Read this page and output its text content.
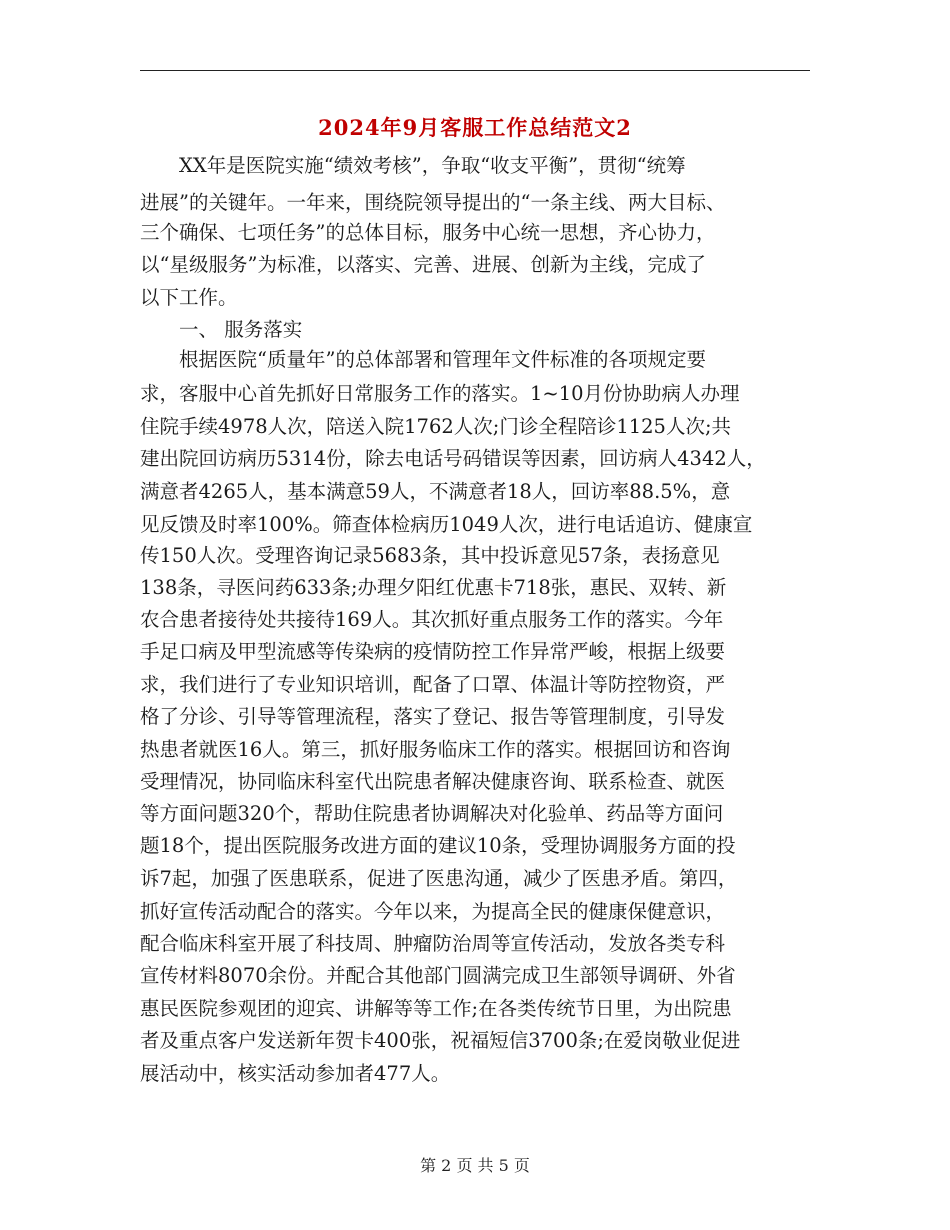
2024年9月客服工作总结范文2
　　XX年是医院实施“绩效考核”，争取“收支平衡”，贯彻“统筹
进展”的关键年。一年来，围绕院领导提出的“一条主线、两大目标、
三个确保、七项任务”的总体目标，服务中心统一思想，齐心协力，
以“星级服务”为标准，以落实、完善、进展、创新为主线，完成了
以下工作。
　　一、 服务落实
　　根据医院“质量年”的总体部署和管理年文件标准的各项规定要
求，客服中心首先抓好日常服务工作的落实。1~10月份协助病人办理
住院手续4978人次，陪送入院1762人次;门诊全程陪诊1125人次;共
建出院回访病历5314份，除去电话号码错误等因素，回访病人4342人，
满意者4265人，基本满意59人，不满意者18人，回访率88.5%，意
见反馈及时率100%。筛查体检病历1049人次，进行电话追访、健康宣
传150人次。受理咨询记录5683条，其中投诉意见57条，表扬意见
138条，寻医问药633条;办理夕阳红优惠卡718张，惠民、双转、新
农合患者接待处共接待169人。其次抓好重点服务工作的落实。今年
手足口病及甲型流感等传染病的疫情防控工作异常严峻，根据上级要
求，我们进行了专业知识培训，配备了口罩、体温计等防控物资，严
格了分诊、引导等管理流程，落实了登记、报告等管理制度，引导发
热患者就医16人。第三，抓好服务临床工作的落实。根据回访和咨询
受理情况，协同临床科室代出院患者解决健康咨询、联系检查、就医
等方面问题320个，帮助住院患者协调解决对化验单、药品等方面问
题18个，提出医院服务改进方面的建议10条，受理协调服务方面的投
诉7起，加强了医患联系，促进了医患沟通，减少了医患矛盾。第四，
抓好宣传活动配合的落实。今年以来，为提高全民的健康保健意识，
配合临床科室开展了科技周、肿瘤防治周等宣传活动，发放各类专科
宣传材料8070余份。并配合其他部门圆满完成卫生部领导调研、外省
惠民医院参观团的迎宾、讲解等等工作;在各类传统节日里，为出院患
者及重点客户发送新年贺卡400张，祝福短信3700条;在爱岗敬业促进
展活动中，核实活动参加者477人。
第 2 页 共 5 页
